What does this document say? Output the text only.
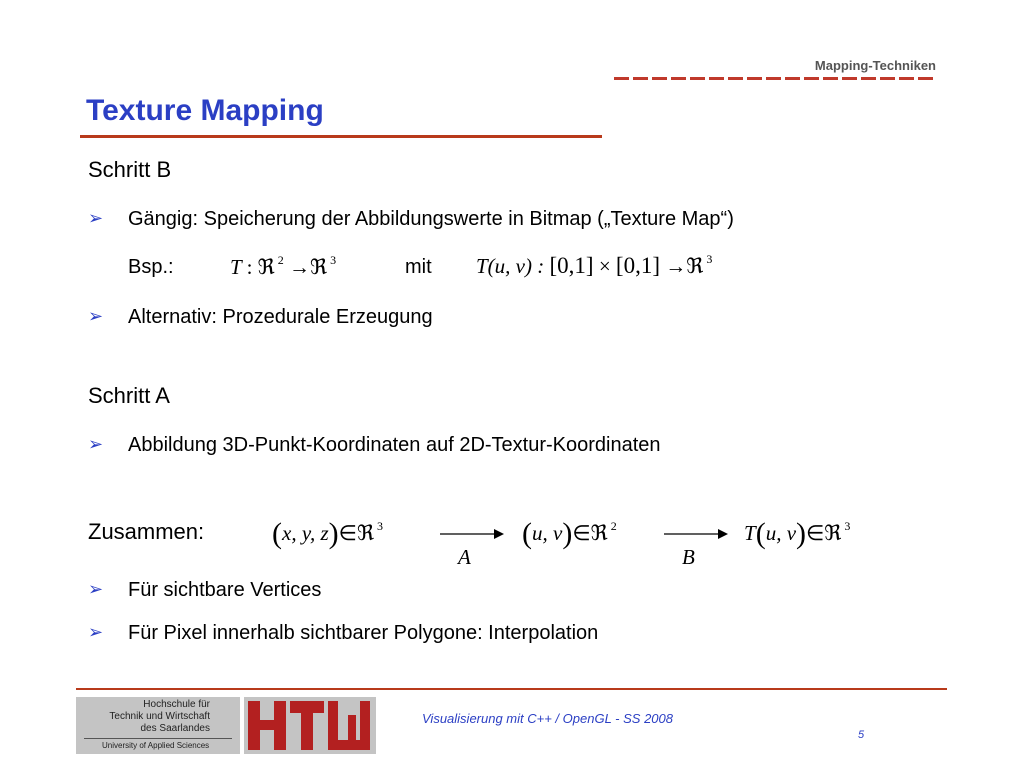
Mapping-Techniken
Texture Mapping
Schritt B
➢ Gängig: Speicherung der Abbildungswerte in Bitmap („Texture Map“)
Bsp.:	T : ℜ $^2$ →ℜ $^3$	mit T(u, v) : [0,1] × [0,1] →ℜ $^3$
➢ Alternativ: Prozedurale Erzeugung
Schritt A
➢ Abbildung 3D-Punkt-Koordinaten auf 2D-Textur-Koordinaten
Zusammen: (x, y, z)∈ℜ $^3$
A
(u, v)∈ℜ $^2$
B
T(u, v)∈ℜ $^3$
➢ Für sichtbare Vertices
➢ Für Pixel innerhalb sichtbarer Polygone: Interpolation
Hochschule für
Technik und Wirtschaft
des Saarlandes
University of Applied Sciences
Visualisierung mit C++ / OpenGL - SS 2008
5
